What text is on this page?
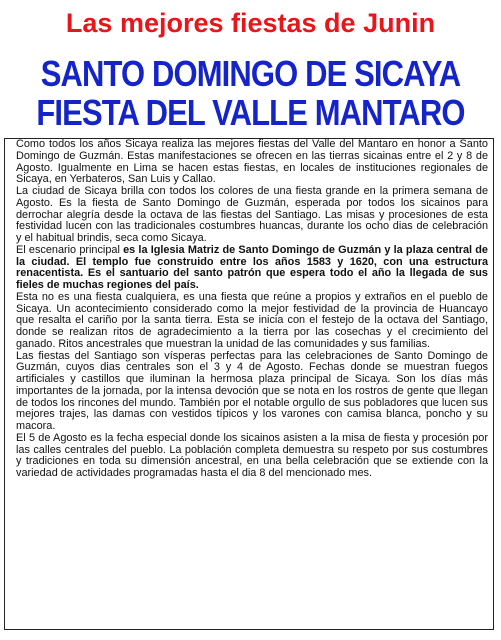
Las mejores fiestas de Junin
SANTO DOMINGO DE SICAYA
FIESTA DEL VALLE MANTARO

Como todos los años Sicaya realiza las mejores fiestas del Valle del Mantaro en honor a Santo Domingo de Guzmán. Estas manifestaciones se ofrecen en las tierras sicainas entre el 2 y 8 de Agosto. Igualmente en Lima se hacen estas fiestas, en locales de instituciones regionales de Sicaya, en Yerbateros, San Luis y Callao.

La ciudad de Sicaya brilla con todos los colores de una fiesta grande en la primera semana de Agosto. Es la fiesta de Santo Domingo de Guzmán, esperada por todos los sicainos para derrochar alegría desde la octava de las fiestas del Santiago. Las misas y procesiones de esta festividad lucen con las tradicionales costumbres huancas, durante los ocho dias de celebración y el habitual brindis, seca como Sicaya.

El escenario principal es la Iglesia Matriz de Santo Domingo de Guzmán y la plaza central de la ciudad. El templo fue construido entre los años 1583 y 1620, con una estructura renacentista. Es el santuario del santo patrón que espera todo el año la llegada de sus fieles de muchas regiones del país.

Esta no es una fiesta cualquiera, es una fiesta que reúne a propios y extraños en el pueblo de Sicaya. Un acontecimiento considerado como la mejor festividad de la provincia de Huancayo que resalta el cariño por la santa tierra. Esta se inicia con el festejo de la octava del Santiago, donde se realizan ritos de agradecimiento a la tierra por las cosechas y el crecimiento del ganado. Ritos ancestrales que muestran la unidad de las comunidades y sus familias.

Las fiestas del Santiago son vísperas perfectas para las celebraciones de Santo Domingo de Guzmán, cuyos dias centrales son el 3 y 4 de Agosto. Fechas donde se muestran fuegos artificiales y castillos que iluminan la hermosa plaza principal de Sicaya. Son los días más importantes de la jornada, por la intensa devoción que se nota en los rostros de gente que llegan de todos los rincones del mundo. También por el notable orgullo de sus pobladores que lucen sus mejores trajes, las damas con vestidos típicos y los varones con camisa blanca, poncho y su macora.

El 5 de Agosto es la fecha especial donde los sicainos asisten a la misa de fiesta y procesión por las calles centrales del pueblo. La población completa demuestra su respeto por sus costumbres y tradiciones en toda su dimensión ancestral, en una bella celebración que se extiende con la variedad de actividades programadas hasta el dia 8 del mencionado mes.
